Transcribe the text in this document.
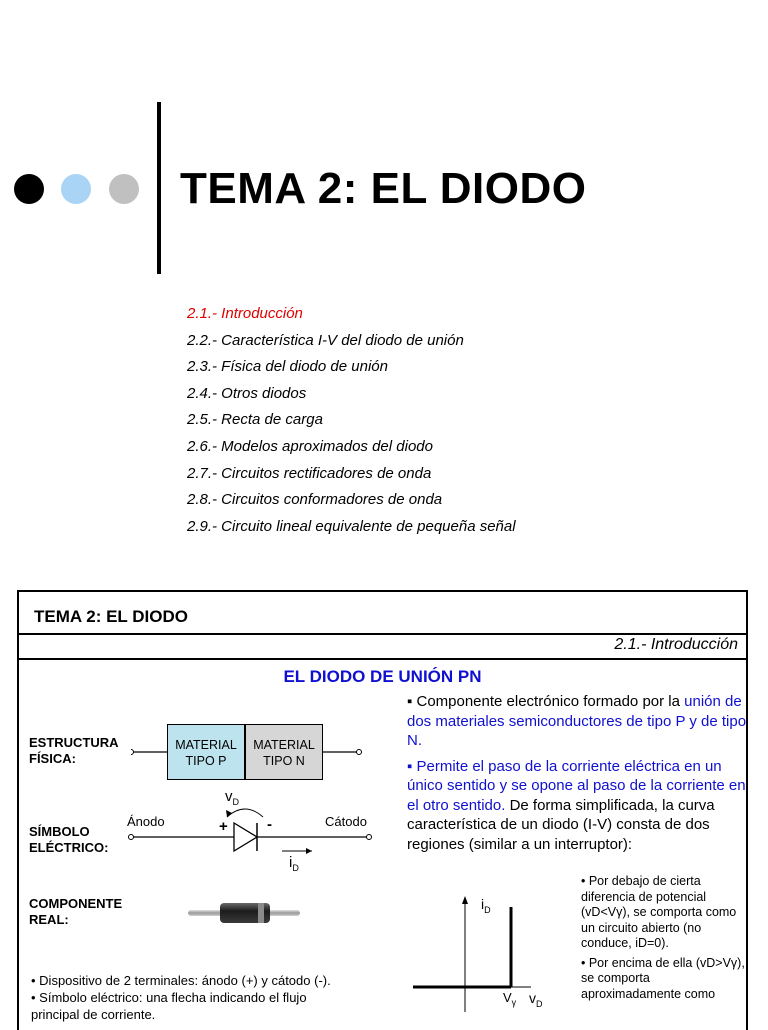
TEMA 2: EL DIODO
2.1.- Introducción
2.2.- Característica I-V del diodo de unión
2.3.- Física del diodo de unión
2.4.- Otros diodos
2.5.- Recta de carga
2.6.- Modelos aproximados del diodo
2.7.- Circuitos rectificadores de onda
2.8.- Circuitos conformadores de onda
2.9.- Circuito lineal equivalente de pequeña señal
TEMA 2: EL DIODO
2.1.- Introducción
EL DIODO DE UNIÓN PN
ESTRUCTURA
FÍSICA:
MATERIAL
TIPO P
MATERIAL
TIPO N
SÍMBOLO
ELÉCTRICO:
Ánodo	Cátodo
$v_D$
+	-
$i_D$
COMPONENTE
REAL:
• Dispositivo de 2 terminales: ánodo (+) y cátodo (-).
• Símbolo eléctrico: una flecha indicando el flujo
principal de corriente.

▪ Componente electrónico formado por la unión de dos materiales semiconductores de tipo P y de tipo N.

▪ Permite el paso de la corriente eléctrica en un único sentido y se opone al paso de la corriente en el otro sentido. De forma simplificada, la curva característica de un diodo (I-V) consta de dos regiones (similar a un interruptor):

$i_D$
$v_D$
$V_\gamma$

• Por debajo de cierta diferencia de potencial (vD<Vγ), se comporta como un circuito abierto (no conduce, iD=0).

• Por encima de ella (vD>Vγ), se comporta aproximadamente como
